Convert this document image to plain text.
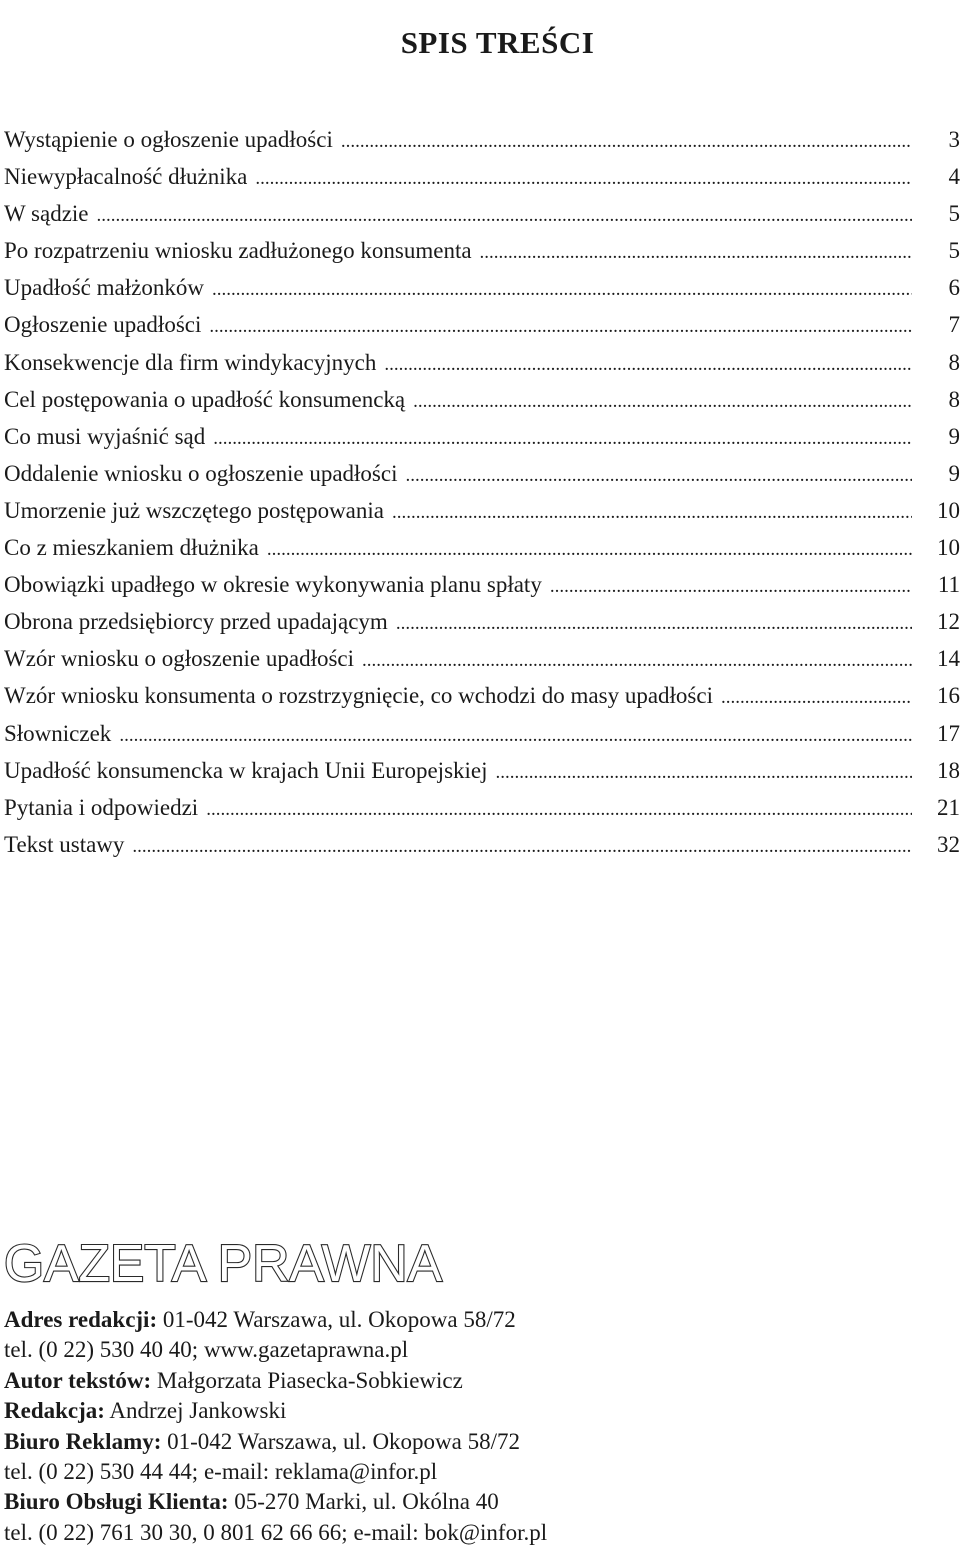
SPIS TREŚCI
Wystąpienie o ogłoszenie upadłości .....	3
Niewypłacalność dłużnika .....	4
W sądzie .....	5
Po rozpatrzeniu wniosku zadłużonego konsumenta .....	5
Upadłość małżonków .....	6
Ogłoszenie upadłości .....	7
Konsekwencje dla firm windykacyjnych .....	8
Cel postępowania o upadłość konsumencką .....	8
Co musi wyjaśnić sąd .....	9
Oddalenie wniosku o ogłoszenie upadłości .....	9
Umorzenie już wszczętego postępowania .....	10
Co z mieszkaniem dłużnika .....	10
Obowiązki upadłego w okresie wykonywania planu spłaty .....	11
Obrona przedsiębiorcy przed upadającym .....	12
Wzór wniosku o ogłoszenie upadłości .....	14
Wzór wniosku konsumenta o rozstrzygnięcie, co wchodzi do masy upadłości .....	16
Słowniczek .....	17
Upadłość konsumencka w krajach Unii Europejskiej .....	18
Pytania i odpowiedzi .....	21
Tekst ustawy .....	32
GAZETA PRAWNA
Adres redakcji: 01-042 Warszawa, ul. Okopowa 58/72
tel. (0 22) 530 40 40; www.gazetaprawna.pl
Autor tekstów: Małgorzata Piasecka-Sobkiewicz
Redakcja: Andrzej Jankowski
Biuro Reklamy: 01-042 Warszawa, ul. Okopowa 58/72
tel. (0 22) 530 44 44; e-mail: reklama@infor.pl
Biuro Obsługi Klienta: 05-270 Marki, ul. Okólna 40
tel. (0 22) 761 30 30, 0 801 62 66 66; e-mail: bok@infor.pl
